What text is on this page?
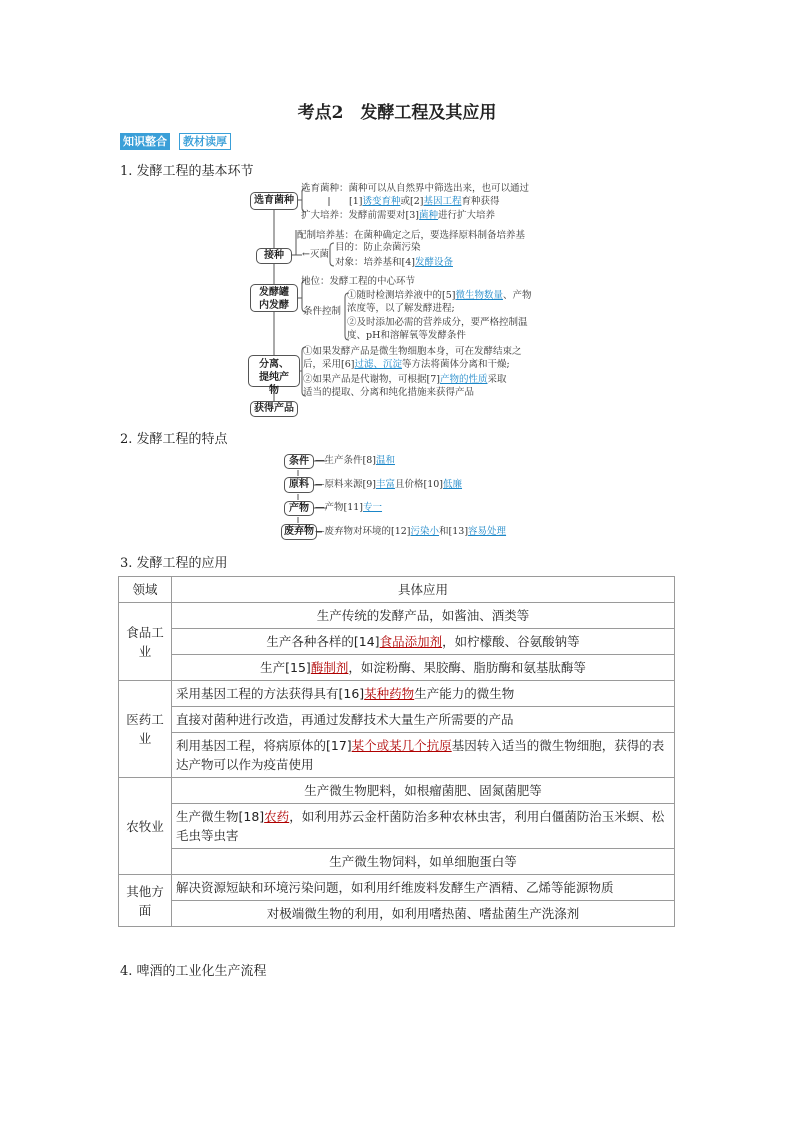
考点2　发酵工程及其应用
知识整合	教材读厚
1. 发酵工程的基本环节
选育菌种
接种
发酵罐内发酵
分离、提纯产物
获得产品
选育菌种：菌种可以从自然界中筛选出来，也可以通过
[1]诱变育种或[2]基因工程育种获得
扩大培养：发酵前需要对[3]菌种进行扩大培养
配制培养基：在菌种确定之后，要选择原料制备培养基
←灭菌
目的：防止杂菌污染
对象：培养基和[4]发酵设备
地位：发酵工程的中心环节
条件控制
①随时检测培养液中的[5]微生物数量、产物
浓度等，以了解发酵进程;
②及时添加必需的营养成分，要严格控制温
度、pH和溶解氧等发酵条件
①如果发酵产品是微生物细胞本身，可在发酵结束之
后，采用[6]过滤、沉淀等方法将菌体分离和干燥;
②如果产品是代谢物，可根据[7]产物的性质采取
适当的提取、分离和纯化措施来获得产品
2. 发酵工程的特点
条件
原料
产物
废弃物
—生产条件[8]温和
—原料来源[9]丰富且价格[10]低廉
—产物[11]专一
—废弃物对环境的[12]污染小和[13]容易处理
3. 发酵工程的应用
领域	具体应用
食品工业	生产传统的发酵产品，如酱油、酒类等
	生产各种各样的[14]食品添加剂，如柠檬酸、谷氨酸钠等
	生产[15]酶制剂，如淀粉酶、果胶酶、脂肪酶和氨基肽酶等
医药工业	采用基因工程的方法获得具有[16]某种药物生产能力的微生物
	直接对菌种进行改造，再通过发酵技术大量生产所需要的产品
	利用基因工程，将病原体的[17]某个或某几个抗原基因转入适当的微生物细胞，获得的表达产物可以作为疫苗使用
农牧业	生产微生物肥料，如根瘤菌肥、固氮菌肥等
	生产微生物[18]农药，如利用苏云金杆菌防治多种农林虫害，利用白僵菌防治玉米螟、松毛虫等虫害
	生产微生物饲料，如单细胞蛋白等
其他方面	解决资源短缺和环境污染问题，如利用纤维废料发酵生产酒精、乙烯等能源物质
	对极端微生物的利用，如利用嗜热菌、嗜盐菌生产洗涤剂
4. 啤酒的工业化生产流程
